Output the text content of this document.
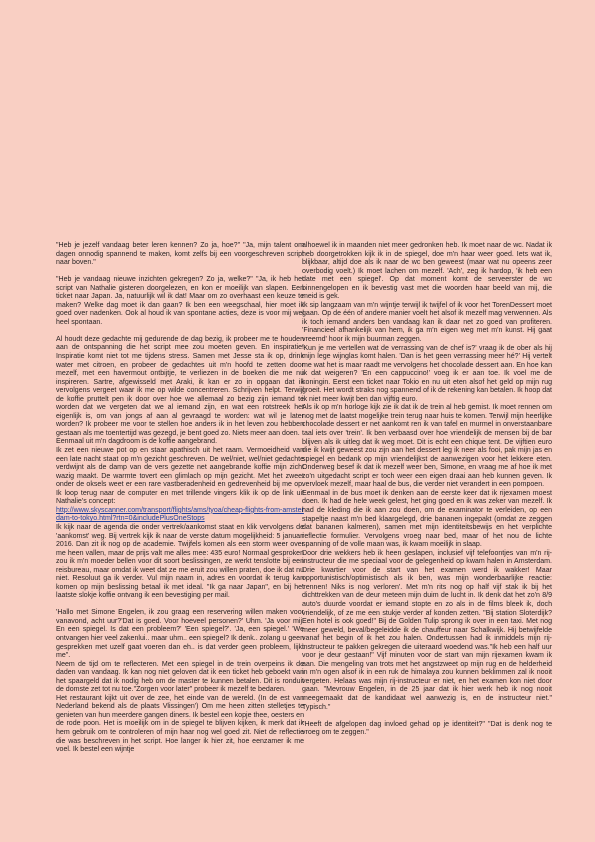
"Heb je jezelf vandaag beter leren kennen? Zo ja, hoe?" "Ja, mijn talent om dagen onnodig spannend te maken, komt zelfs bij een voorgeschreven script naar boven."

"Heb je vandaag nieuwe inzichten gekregen? Zo ja, welke?" "Ja, ik heb het script van Nathalie gisteren doorgelezen, en kon er moeilijk van slapen. Een ticket naar Japan. Ja, natuurlijk wil ik dat! Maar om zo overhaast een keuze te maken? Welke dag moet ik dan gaan? Ik ben een weegschaal, hier moet ik goed over nadenken. Ook al houd ik van spontane acties, deze is voor mij wel heel spontaan.

Al houdt deze gedachte mij gedurende de dag bezig, ik probeer me te houden aan de ontspanning die het script mee zou moeten geven. En inspiratie! Inspiratie komt niet tot me tijdens stress. Samen met Jesse sta ik op, drink water met citroen, en probeer de gedachtes uit m'n hoofd te zetten door mezelf, met een havermout ontbijtje, te verliezen in de boeken die me nu inspireren. Sartre, afgewisseld met Araki, ik kan er zo in opgaan dat ik vervolgens vergeet waar ik me op wilde concentreren. Schrijven helpt. Terwijl de koffie pruttelt pen ik door over hoe we allemaal zo bezig zijn iemand te worden dat we vergeten dat we al iemand zijn, en wat een rotstreek het eigenlijk is, om van jongs af aan al gevraagd te worden: wat wil je later worden? Ik probeer me voor te stellen hoe anders ik in het leven zou hebben gestaan als me toentertijd was gezegd, je bent goed zo. Niets meer aan doen.

Eenmaal uit m'n dagdroom is de koffie aangebrand.

Ik zet een nieuwe pot op en staar apathisch uit het raam. Vermoeidheid van een late nacht staat op m'n gezicht geschreven. De wel/niet, wel/niet gedachte verdwijnt als de damp van de vers gezette net aangebrande koffie mijn zicht wazig maakt. De warmte tovert een glimlach op mijn gezicht. Met het zweet onder de oksels weet er een rare vastberadenheid en gedrevenheid bij me op. Ik loop terug naar de computer en met trillende vingers klik ik op de link uit Nathalie's concept:

http://www.skyscanner.com/transport/flights/ams/tyoa/cheap-flights-from-amsterdam-to-tokyo.html?rtn=0&includePlusOneStops

Ik kijk naar de agenda die onder vertrek/aankomst staat en klik vervolgens de 'aankomst' weg. Bij vertrek kijk ik naar de verste datum mogelijkheid: 5 januari 2016. Dan zit ik nog op de academie. Twijfels komen als een storm weer over me heen vallen, maar de prijs valt me alles mee: 435 euro! Normaal gesproken zou ik m'n moeder bellen voor dit soort beslissingen, ze werkt tenslotte bij een reisbureau, maar omdat ik weet dat ze me eruit zou willen praten, doe ik dat nu niet. Resoluut ga ik verder. Vul mijn naam in, adres en voordat ik terug kan komen op mijn beslissing betaal ik met ideal. "Ik ga naar Japan", en bij het laatste slokje koffie ontvang ik een bevestiging per mail.

'Hallo met Simone Engelen, ik zou graag een reservering willen maken voor vanavond, acht uur?'Dat is goed. Voor hoeveel personen?' Uhm. 'Ja voor mij. En een spiegel. Is dat een probleem?' 'Een spiegel?'. 'Ja, een spiegel.' 'We ontvangen hier veel zakenlui.. maar uhm.. een spiegel? Ik denk.. zolang u geen gesprekken met uzelf gaat voeren dan eh.. is dat verder geen probleem, lijkt me".

Neem de tijd om te reflecteren. Met een spiegel in de trein overpeins ik de daden van vandaag. Ik kan nog niet geloven dat ik een ticket heb geboekt van het spaargeld dat ik nodig heb om de master te kunnen betalen. Dit is ronduit de domste zet tot nu toe."Zorgen voor later" probeer ik mezelf te bedaren.

Het restaurant kijkt uit over de zee, het einde van de wereld. (In de est van Nederland bekend als de plaats Vlissingen') Om me heen zitten stelletjes te genieten van hun meerdere gangen diners. Ik bestel een kopje thee, oesters en de rode poon. Het is moeilijk om in de spiegel te blijven kijken, ik merk dat ik hem gebruik om te controleren of mijn haar nog wel goed zit. Niet de reflectie die was beschreven in het script. Hoe langer ik hier zit, hoe eenzamer ik me voel. Ik bestel een wijntje

alhoewel ik in maanden niet meer gedronken heb. Ik moet naar de wc. Nadat ik heb doorgetrokken kijk ik in de spiegel, doe m'n haar weer goed. Iets wat ik, blijkbaar, altijd doe als ik naar de wc ben geweest (maar wat nu opeens zeer overbodig voelt.) Ik moet lachen om mezelf. 'Ach', zeg ik hardop, 'ik heb een date met een spiegel'. Op dat moment komt de serveerster de wc binnengelopen en ik bevestig vast met die woorden haar beeld van mij, die meid is gek.

Ik sip langzaam van m'n wijntje terwijl ik twijfel of ik voor het TorenDessert moet gaan. Op de één of andere manier voelt het alsof ik mezelf mag verwennen. Als ik toch iemand anders ben vandaag kan ik daar net zo goed van profiteren. 'Financieel afhankelijk van hem, ik ga m'n eigen weg met m'n kunst. Hij gaat vreemd' hoor ik mijn buurman zeggen.

'Kun je me vertellen wat de verrassing van de chef is?' vraag ik de ober als hij mijn lege wijnglas komt halen. 'Dan is het geen verrassing meer hé?' Hij vertelt me wat het is maar raadt me vervolgens het chocolade dessert aan. En hoe kan ik dat weigeren? 'En een cappuccino!' voeg ik er aan toe. Ik voel me de koningin. Eerst een ticket naar Tokio en nu uit eten alsof het geld op mijn rug groeit. Het wordt straks nog spannend of ik de rekening kan betalen. Ik hoop dat ik niet meer kwijt ben dan vijftig euro.

Als ik op m'n horloge kijk zie ik dat ik de trein al heb gemist. Ik moet rennen om nog met de laatst mogelijke trein terug naar huis te komen. Terwijl mijn heerlijke chocolade dessert er net aankomt ren ik van tafel en murmel in onverstaanbare taal iets over 'trein'. Ik ben verbaasd over hoe vriendelijk de mensen bij de bar blijven als ik uitleg dat ik weg moet. Dit is echt een chique tent. De vijftien euro die ik kwijt geweest zou zijn aan het dessert leg ik neer als fooi, pak mijn jas en spiegel en bedank op mijn vriendelijkst de aanwezigen voor het lekkere eten. Onderweg besef ik dat ik mezelf weer ben, Simone, en vraag me af hoe ik met zo'n uitgedacht script er toch weer een eigen draai aan heb kunnen geven. Ik vervloek mezelf, maar haal de bus, die verder niet verandert in een pompoen.

Eenmaal in de bus moet ik denken aan de eerste keer dat ik rijexamen moest doen. Ik had de hele week gelest, het ging goed en ik was zeker van mezelf. Ik had de kleding die ik aan zou doen, om de examinator te verleiden, op een stapeltje naast m'n bed klaargelegd, drie bananen ingepakt (omdat ze zeggen dat bananen kalmeren), samen met mijn identiteitsbewijs en het verplichte reflectie formulier. Vervolgens vroeg naar bed, maar of het nou de lichte spanning of de volle maan was, ik kwam moeilijk in slaap.

Door drie wekkers heb ik heen geslapen, inclusief vijf telefoontjes van m'n rij-instructeur die me speciaal voor de gelegenheid op kwam halen in Amsterdam. Drie kwartier voor de start van het examen werd ik wakker! Maar opportunistisch/optimistisch als ik ben, was mijn wonderbaarlijke reactie: 'rennen! Niks is nog verloren'. Met m'n rits nog op half vijf stak ik bij het dichttrekken van de deur meteen mijn duim de lucht in. Ik denk dat het zo'n 8/9 auto's duurde voordat er iemand stopte en zo als in de films bleek ik, doch vriendelijk, of ze me een stukje verder af konden zetten. "Bij station Sloterdijk? Een hotel is ook goed!" Bij de Golden Tulip sprong ik over in een taxi. Met nog meer geweld, beval/begeleidde ik de chauffeur naar Schalkwijk. Hij betwijfelde vanaf het begin of ik het zou halen. Ondertussen had ik inmiddels mijn rij-instructeur te pakken gekregen die uiteraard woedend was."Ik heb een half uur voor je deur gestaan!" Vijf minuten voor de start van mijn rijexamen kwam ik aan. Die mengeling van trots met het angstzweet op mijn rug en de helderheid in m'n ogen alsof ik in een ruk de himalaya zou kunnen beklimmen zal ik nooit vergeten. Helaas was mijn rij-instructeur er niet, en het examen kon niet door gaan. "Mevrouw Engelen, in de 25 jaar dat ik hier werk heb ik nog nooit meegemaakt dat de kandidaat wel aanwezig is, en de instructeur niet." Typisch."

"Heeft de afgelopen dag invloed gehad op je identiteit?" "Dat is denk nog te vroeg om te zeggen."
